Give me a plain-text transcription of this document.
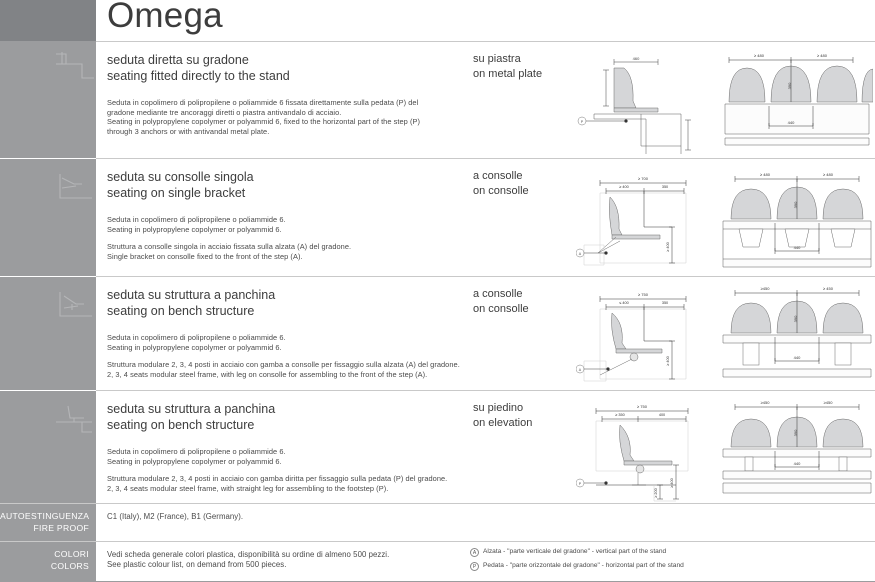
Omega
seduta diretta su gradone
seating fitted directly to the stand
Seduta in copolimero di polipropilene o poliammide 6 fissata direttamente sulla pedata (P) del
gradone mediante tre ancoraggi diretti o piastra antivandalo di acciaio.
Seating in polypropylene copolymer or polyammid 6, fixed to the horizontal part of the step (P)
through 3 anchors or with antivandal metal plate.
su piastra
on metal plate
460
P
≥ 480	≥ 480
390
440
seduta su consolle singola
seating on single bracket
Seduta in copolimero di polipropilene o poliammide 6.
Seating in polypropylene copolymer or polyammid 6.
Struttura a consolle singola in acciaio fissata sulla alzata (A) del gradone.
Single bracket on consolle fixed to the front of the step (A).
a consolle
on consolle
≥ 700
≥ 400	350
≥ 400
A
≥ 480	≥ 480
390
440
seduta su struttura a panchina
seating on bench structure
Seduta in copolimero di polipropilene o poliammide 6.
Seating in polypropylene copolymer or polyammid 6.
Struttura modulare 2, 3, 4 posti in acciaio con gamba a consolle per fissaggio sulla alzata (A) del gradone.
2, 3, 4 seats modular steel frame, with leg on consolle for assembling to the front of the step (A).
a consolle
on consolle
≥ 750
≤ 400	350
≥ 400
A
≥450	≥ 450
390
440
seduta su struttura a panchina
seating on bench structure
Seduta in copolimero di polipropilene o poliammide 6.
Seating in polypropylene copolymer or polyammid 6.
Struttura modulare 2, 3, 4 posti in acciaio con gamba diritta per fissaggio sulla pedata (P) del gradone.
2, 3, 4 seats modular steel frame, with straight leg for assembling to the footstep (P).
su piedino
on elevation
≥ 750
≥ 350	400
≥ 400
≥ 200
P
≥450	≥450
390
440
AUTOESTINGUENZA
FIRE PROOF
C1 (Italy), M2 (France), B1 (Germany).
COLORI
COLORS
Vedi scheda generale colori plastica, disponibilità su ordine di almeno 500 pezzi.
See plastic colour list, on demand from 500 pieces.
A	Alzata - "parte verticale del gradone" - vertical part of the stand
P	Pedata - "parte orizzontale del gradone" - horizontal part of the stand
